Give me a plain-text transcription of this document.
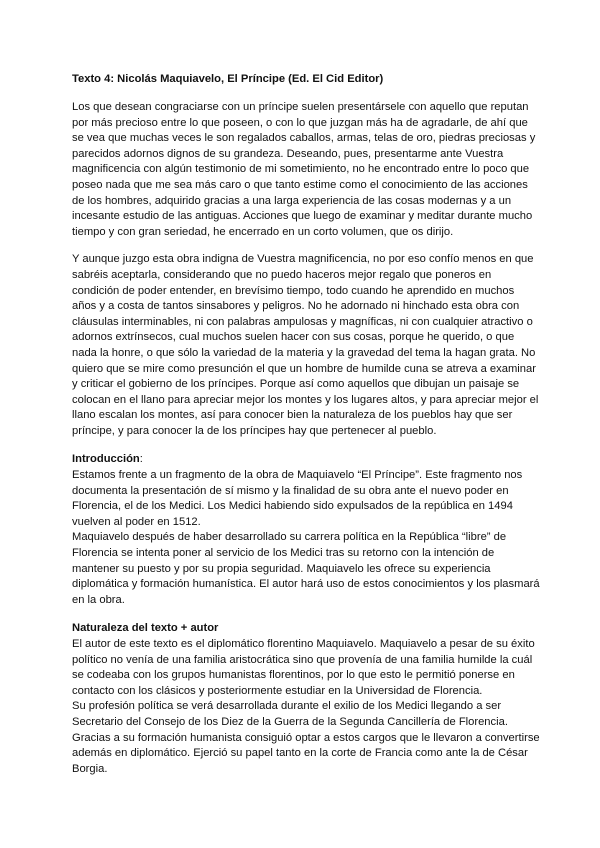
Texto 4: Nicolás Maquiavelo, El Príncipe (Ed. El Cid Editor)

Los que desean congraciarse con un príncipe suelen presentársele con aquello que reputan por más precioso entre lo que poseen, o con lo que juzgan más ha de agradarle, de ahí que se vea que muchas veces le son regalados caballos, armas, telas de oro, piedras preciosas y parecidos adornos dignos de su grandeza. Deseando, pues, presentarme ante Vuestra magnificencia con algún testimonio de mi sometimiento, no he encontrado entre lo poco que poseo nada que me sea más caro o que tanto estime como el conocimiento de las acciones de los hombres, adquirido gracias a una larga experiencia de las cosas modernas y a un incesante estudio de las antiguas. Acciones que luego de examinar y meditar durante mucho tiempo y con gran seriedad, he encerrado en un corto volumen, que os dirijo.

Y aunque juzgo esta obra indigna de Vuestra magnificencia, no por eso confío menos en que sabréis aceptarla, considerando que no puedo haceros mejor regalo que poneros en condición de poder entender, en brevísimo tiempo, todo cuando he aprendido en muchos años y a costa de tantos sinsabores y peligros. No he adornado ni hinchado esta obra con cláusulas interminables, ni con palabras ampulosas y magníficas, ni con cualquier atractivo o adornos extrínsecos, cual muchos suelen hacer con sus cosas, porque he querido, o que nada la honre, o que sólo la variedad de la materia y la gravedad del tema la hagan grata. No quiero que se mire como presunción el que un hombre de humilde cuna se atreva a examinar y criticar el gobierno de los príncipes. Porque así como aquellos que dibujan un paisaje se colocan en el llano para apreciar mejor los montes y los lugares altos, y para apreciar mejor el llano escalan los montes, así para conocer bien la naturaleza de los pueblos hay que ser príncipe, y para conocer la de los príncipes hay que pertenecer al pueblo.

Introducción:

Estamos frente a un fragmento de la obra de Maquiavelo “El Príncipe”. Este fragmento nos documenta la presentación de sí mismo y la finalidad de su obra ante el nuevo poder en Florencia, el de los Medici. Los Medici habiendo sido expulsados de la república en 1494 vuelven al poder en 1512.

Maquiavelo después de haber desarrollado su carrera política en la República “libre” de Florencia se intenta poner al servicio de los Medici tras su retorno con la intención de mantener su puesto y por su propia seguridad. Maquiavelo les ofrece su experiencia diplomática y formación humanística. El autor hará uso de estos conocimientos y los plasmará en la obra.

Naturaleza del texto + autor

El autor de este texto es el diplomático florentino Maquiavelo. Maquiavelo a pesar de su éxito político no venía de una familia aristocrática sino que provenía de una familia humilde la cuál se codeaba con los grupos humanistas florentinos, por lo que esto le permitió ponerse en contacto con los clásicos y posteriormente estudiar en la Universidad de Florencia.

Su profesión política se verá desarrollada durante el exilio de los Medici llegando a ser Secretario del Consejo de los Diez de la Guerra de la Segunda Cancillería de Florencia. Gracias a su formación humanista consiguió optar a estos cargos que le llevaron a convertirse además en diplomático. Ejerció su papel tanto en la corte de Francia como ante la de César Borgia.
